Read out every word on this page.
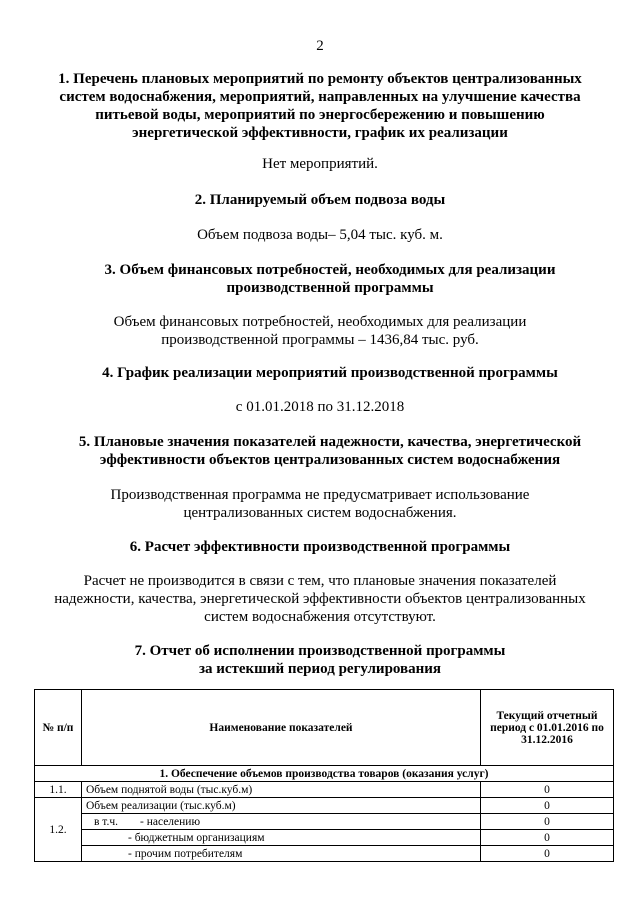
2
1. Перечень плановых мероприятий по ремонту объектов централизованных
систем водоснабжения, мероприятий, направленных на улучшение качества
питьевой воды, мероприятий по энергосбережению и повышению
энергетической эффективности, график их реализации
Нет мероприятий.
2. Планируемый объем подвоза воды
Объем подвоза воды– 5,04 тыс. куб. м.
3. Объем финансовых потребностей, необходимых для реализации
производственной программы
Объем финансовых потребностей, необходимых для реализации
производственной программы – 1436,84 тыс. руб.
4. График реализации мероприятий производственной программы
с 01.01.2018 по 31.12.2018
5. Плановые значения показателей надежности, качества, энергетической
эффективности объектов централизованных систем водоснабжения
Производственная программа не предусматривает использование
централизованных систем водоснабжения.
6. Расчет эффективности производственной программы
Расчет не производится в связи с тем, что плановые значения показателей
надежности, качества, энергетической эффективности объектов централизованных
систем водоснабжения отсутствуют.
7. Отчет об исполнении производственной программы
за истекший период регулирования
№ п/п	Наименование показателей	Текущий отчетный период с 01.01.2016 по 31.12.2016
1. Обеспечение объемов производства товаров (оказания услуг)		
1.1.	Объем поднятой воды (тыс.куб.м)	0
1.2.	Объем реализации (тыс.куб.м)	0
	в т.ч. - населению	0
	- бюджетным организациям	0
	- прочим потребителям	0
